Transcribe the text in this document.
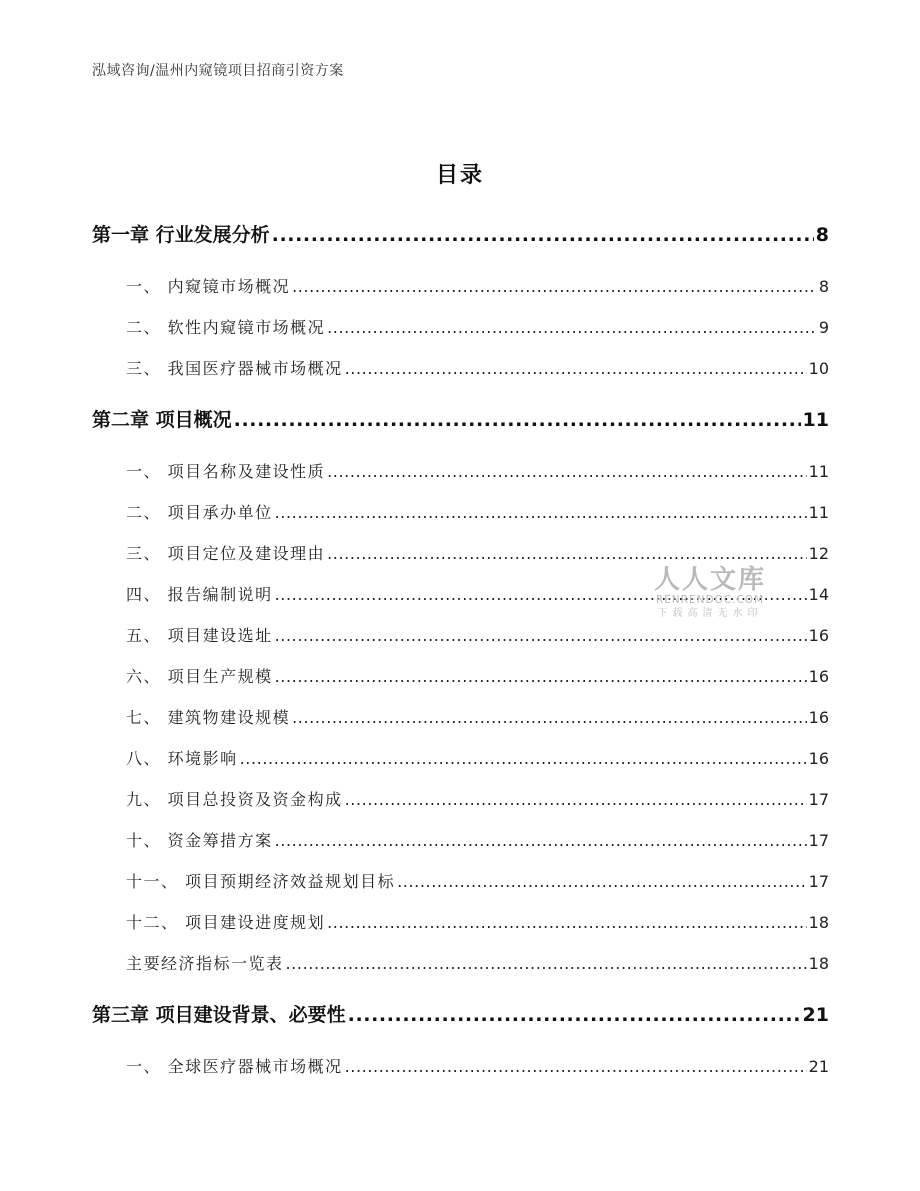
泓域咨询/温州内窥镜项目招商引资方案
目录
第一章 行业发展分析 .....	8
一、 内窥镜市场概况 .....	8
二、 软性内窥镜市场概况 .....	9
三、 我国医疗器械市场概况 .....	10
第二章 项目概况 .....	11
一、 项目名称及建设性质 .....	11
二、 项目承办单位 .....	11
三、 项目定位及建设理由 .....	12
四、 报告编制说明 .....	14
五、 项目建设选址 .....	16
六、 项目生产规模 .....	16
七、 建筑物建设规模 .....	16
八、 环境影响 .....	16
九、 项目总投资及资金构成 .....	17
十、 资金筹措方案 .....	17
十一、 项目预期经济效益规划目标 .....	17
十二、 项目建设进度规划 .....	18
主要经济指标一览表 .....	18
第三章 项目建设背景、必要性 .....	21
一、 全球医疗器械市场概况 .....	21
人人文库
RENRENDOC.COM
下载高清无水印
